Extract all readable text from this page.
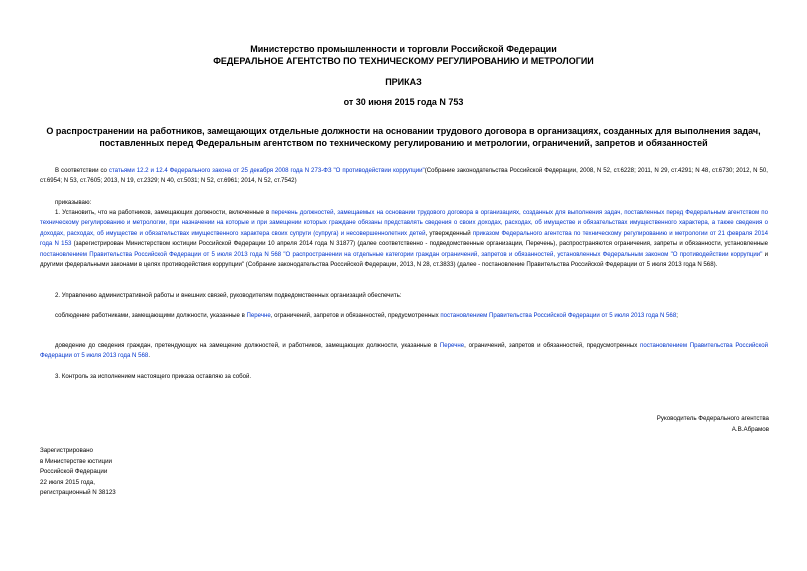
Министерство промышленности и торговли Российской Федерации
ФЕДЕРАЛЬНОЕ АГЕНТСТВО ПО ТЕХНИЧЕСКОМУ РЕГУЛИРОВАНИЮ И МЕТРОЛОГИИ
ПРИКАЗ
от 30 июня 2015 года N 753
О распространении на работников, замещающих отдельные должности на основании трудового договора в организациях, созданных для выполнения задач,
поставленных перед Федеральным агентством по техническому регулированию и метрологии, ограничений, запретов и обязанностей
В соответствии со статьями 12.2 и 12.4 Федерального закона от 25 декабря 2008 года N 273-ФЗ "О противодействии коррупции"(Собрание законодательства Российской Федерации, 2008, N 52, ст.6228; 2011, N 29, ст.4291; N 48, ст.6730; 2012, N 50, ст.6954; N 53, ст.7605; 2013, N 19, ст.2329; N 40, ст.5031; N 52, ст.6961; 2014, N 52, ст.7542)
приказываю:
1. Установить, что на работников, замещающих должности, включенные в перечень должностей, замещаемых на основании трудового договора в организациях, созданных для выполнения задач, поставленных перед Федеральным агентством по техническому регулированию и метрологии, при назначении на которые и при замещении которых граждане обязаны представлять сведения о своих доходах, расходах, об имуществе и обязательствах имущественного характера, а также сведения о доходах, расходах, об имуществе и обязательствах имущественного характера своих супруги (супруга) и несовершеннолетних детей, утвержденный приказом Федерального агентства по техническому регулированию и метрологии от 21 февраля 2014 года N 153 (зарегистрирован Министерством юстиции Российской Федерации 10 апреля 2014 года N 31877) (далее соответственно - подведомственные организации, Перечень), распространяются ограничения, запреты и обязанности, установленные постановлением Правительства Российской Федерации от 5 июля 2013 года N 568 "О распространении на отдельные категории граждан ограничений, запретов и обязанностей, установленных Федеральным законом "О противодействии коррупции" и другими федеральными законами в целях противодействия коррупции" (Собрание законодательства Российской Федерации, 2013, N 28, ст.3833) (далее - постановление Правительства Российской Федерации от 5 июля 2013 года N 568).
2. Управлению административной работы и внешних связей, руководителям подведомственных организаций обеспечить:
соблюдение работниками, замещающими должности, указанные в Перечне, ограничений, запретов и обязанностей, предусмотренных постановлением Правительства Российской Федерации от 5 июля 2013 года N 568;
доведение до сведения граждан, претендующих на замещение должностей, и работников, замещающих должности, указанные в Перечне, ограничений, запретов и обязанностей, предусмотренных постановлением Правительства Российской Федерации от 5 июля 2013 года N 568.
3. Контроль за исполнением настоящего приказа оставляю за собой.
Руководитель Федерального агентства
А.В.Абрамов
Зарегистрировано
в Министерстве юстиции
Российской Федерации
22 июля 2015 года,
регистрационный N 38123
